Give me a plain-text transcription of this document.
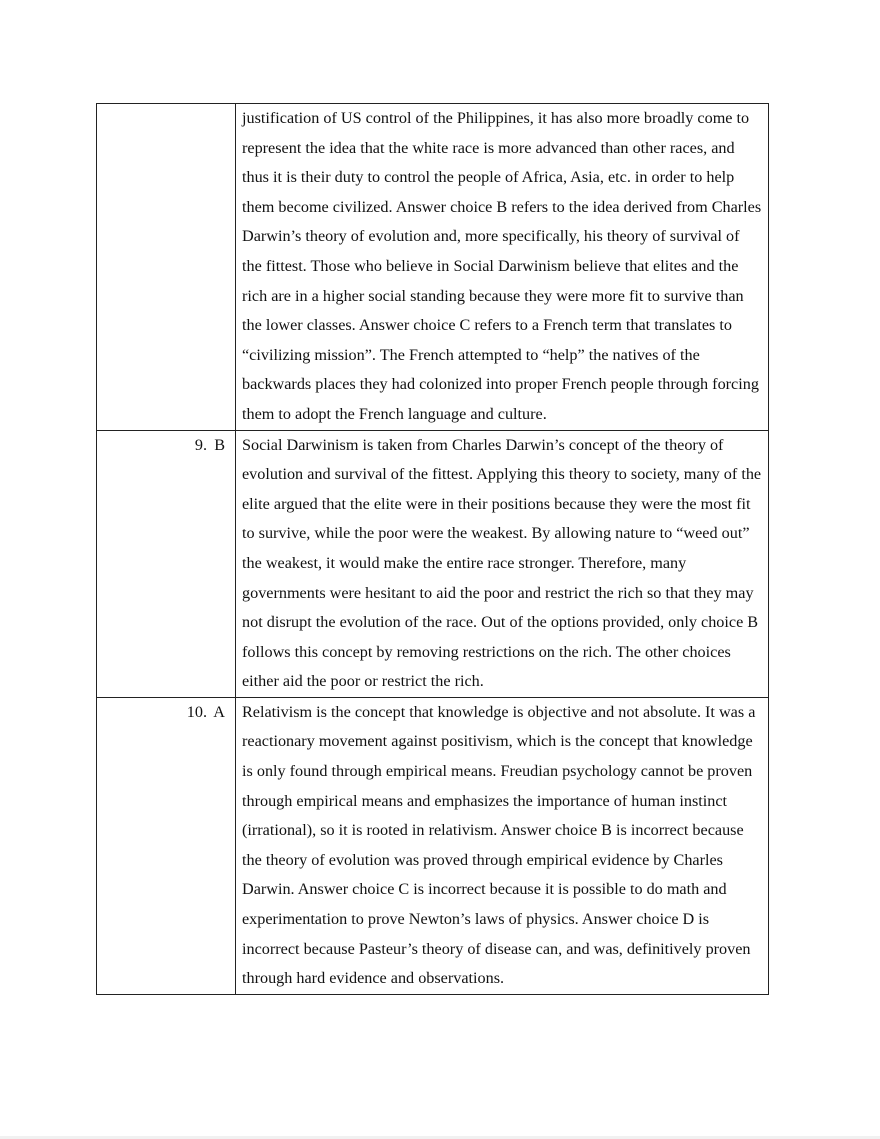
	justification of US control of the Philippines, it has also more broadly come to represent the idea that the white race is more advanced than other races, and thus it is their duty to control the people of Africa, Asia, etc. in order to help them become civilized. Answer choice B refers to the idea derived from Charles Darwin’s theory of evolution and, more specifically, his theory of survival of the fittest. Those who believe in Social Darwinism believe that elites and the rich are in a higher social standing because they were more fit to survive than the lower classes. Answer choice C refers to a French term that translates to “civilizing mission”. The French attempted to “help” the natives of the backwards places they had colonized into proper French people through forcing them to adopt the French language and culture.

9. B	Social Darwinism is taken from Charles Darwin’s concept of the theory of evolution and survival of the fittest. Applying this theory to society, many of the elite argued that the elite were in their positions because they were the most fit to survive, while the poor were the weakest. By allowing nature to “weed out” the weakest, it would make the entire race stronger. Therefore, many governments were hesitant to aid the poor and restrict the rich so that they may not disrupt the evolution of the race. Out of the options provided, only choice B follows this concept by removing restrictions on the rich. The other choices either aid the poor or restrict the rich.

10. A	Relativism is the concept that knowledge is objective and not absolute. It was a reactionary movement against positivism, which is the concept that knowledge is only found through empirical means. Freudian psychology cannot be proven through empirical means and emphasizes the importance of human instinct (irrational), so it is rooted in relativism. Answer choice B is incorrect because the theory of evolution was proved through empirical evidence by Charles Darwin. Answer choice C is incorrect because it is possible to do math and experimentation to prove Newton’s laws of physics. Answer choice D is incorrect because Pasteur’s theory of disease can, and was, definitively proven through hard evidence and observations.
